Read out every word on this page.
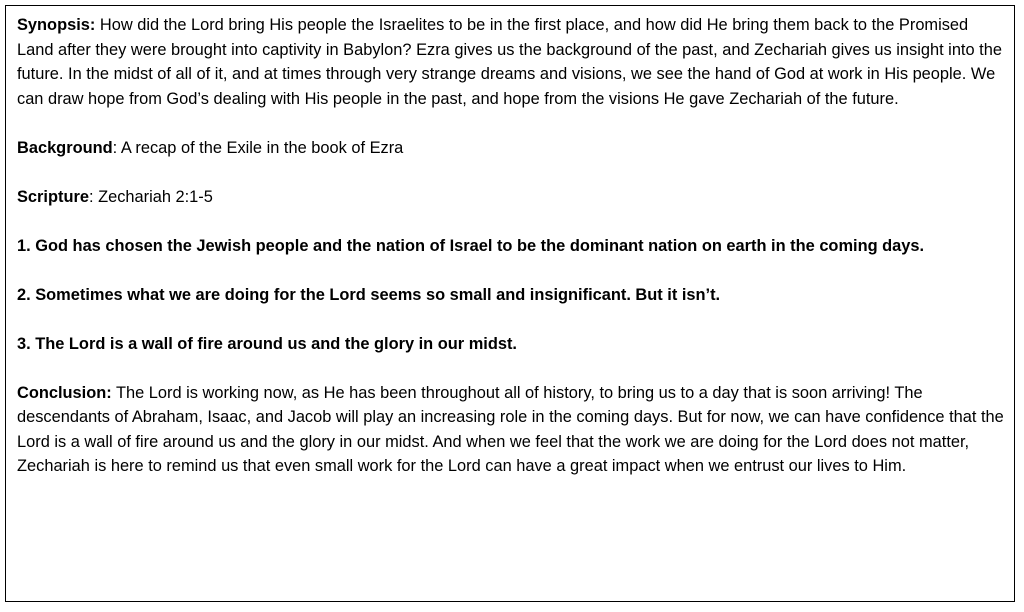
Synopsis: How did the Lord bring His people the Israelites to be in the first place, and how did He bring them back to the Promised Land after they were brought into captivity in Babylon? Ezra gives us the background of the past, and Zechariah gives us insight into the future. In the midst of all of it, and at times through very strange dreams and visions, we see the hand of God at work in His people. We can draw hope from God’s dealing with His people in the past, and hope from the visions He gave Zechariah of the future.

Background: A recap of the Exile in the book of Ezra

Scripture: Zechariah 2:1-5

1. God has chosen the Jewish people and the nation of Israel to be the dominant nation on earth in the coming days.

2. Sometimes what we are doing for the Lord seems so small and insignificant. But it isn’t.

3. The Lord is a wall of fire around us and the glory in our midst.

Conclusion: The Lord is working now, as He has been throughout all of history, to bring us to a day that is soon arriving! The descendants of Abraham, Isaac, and Jacob will play an increasing role in the coming days. But for now, we can have confidence that the Lord is a wall of fire around us and the glory in our midst. And when we feel that the work we are doing for the Lord does not matter, Zechariah is here to remind us that even small work for the Lord can have a great impact when we entrust our lives to Him.
